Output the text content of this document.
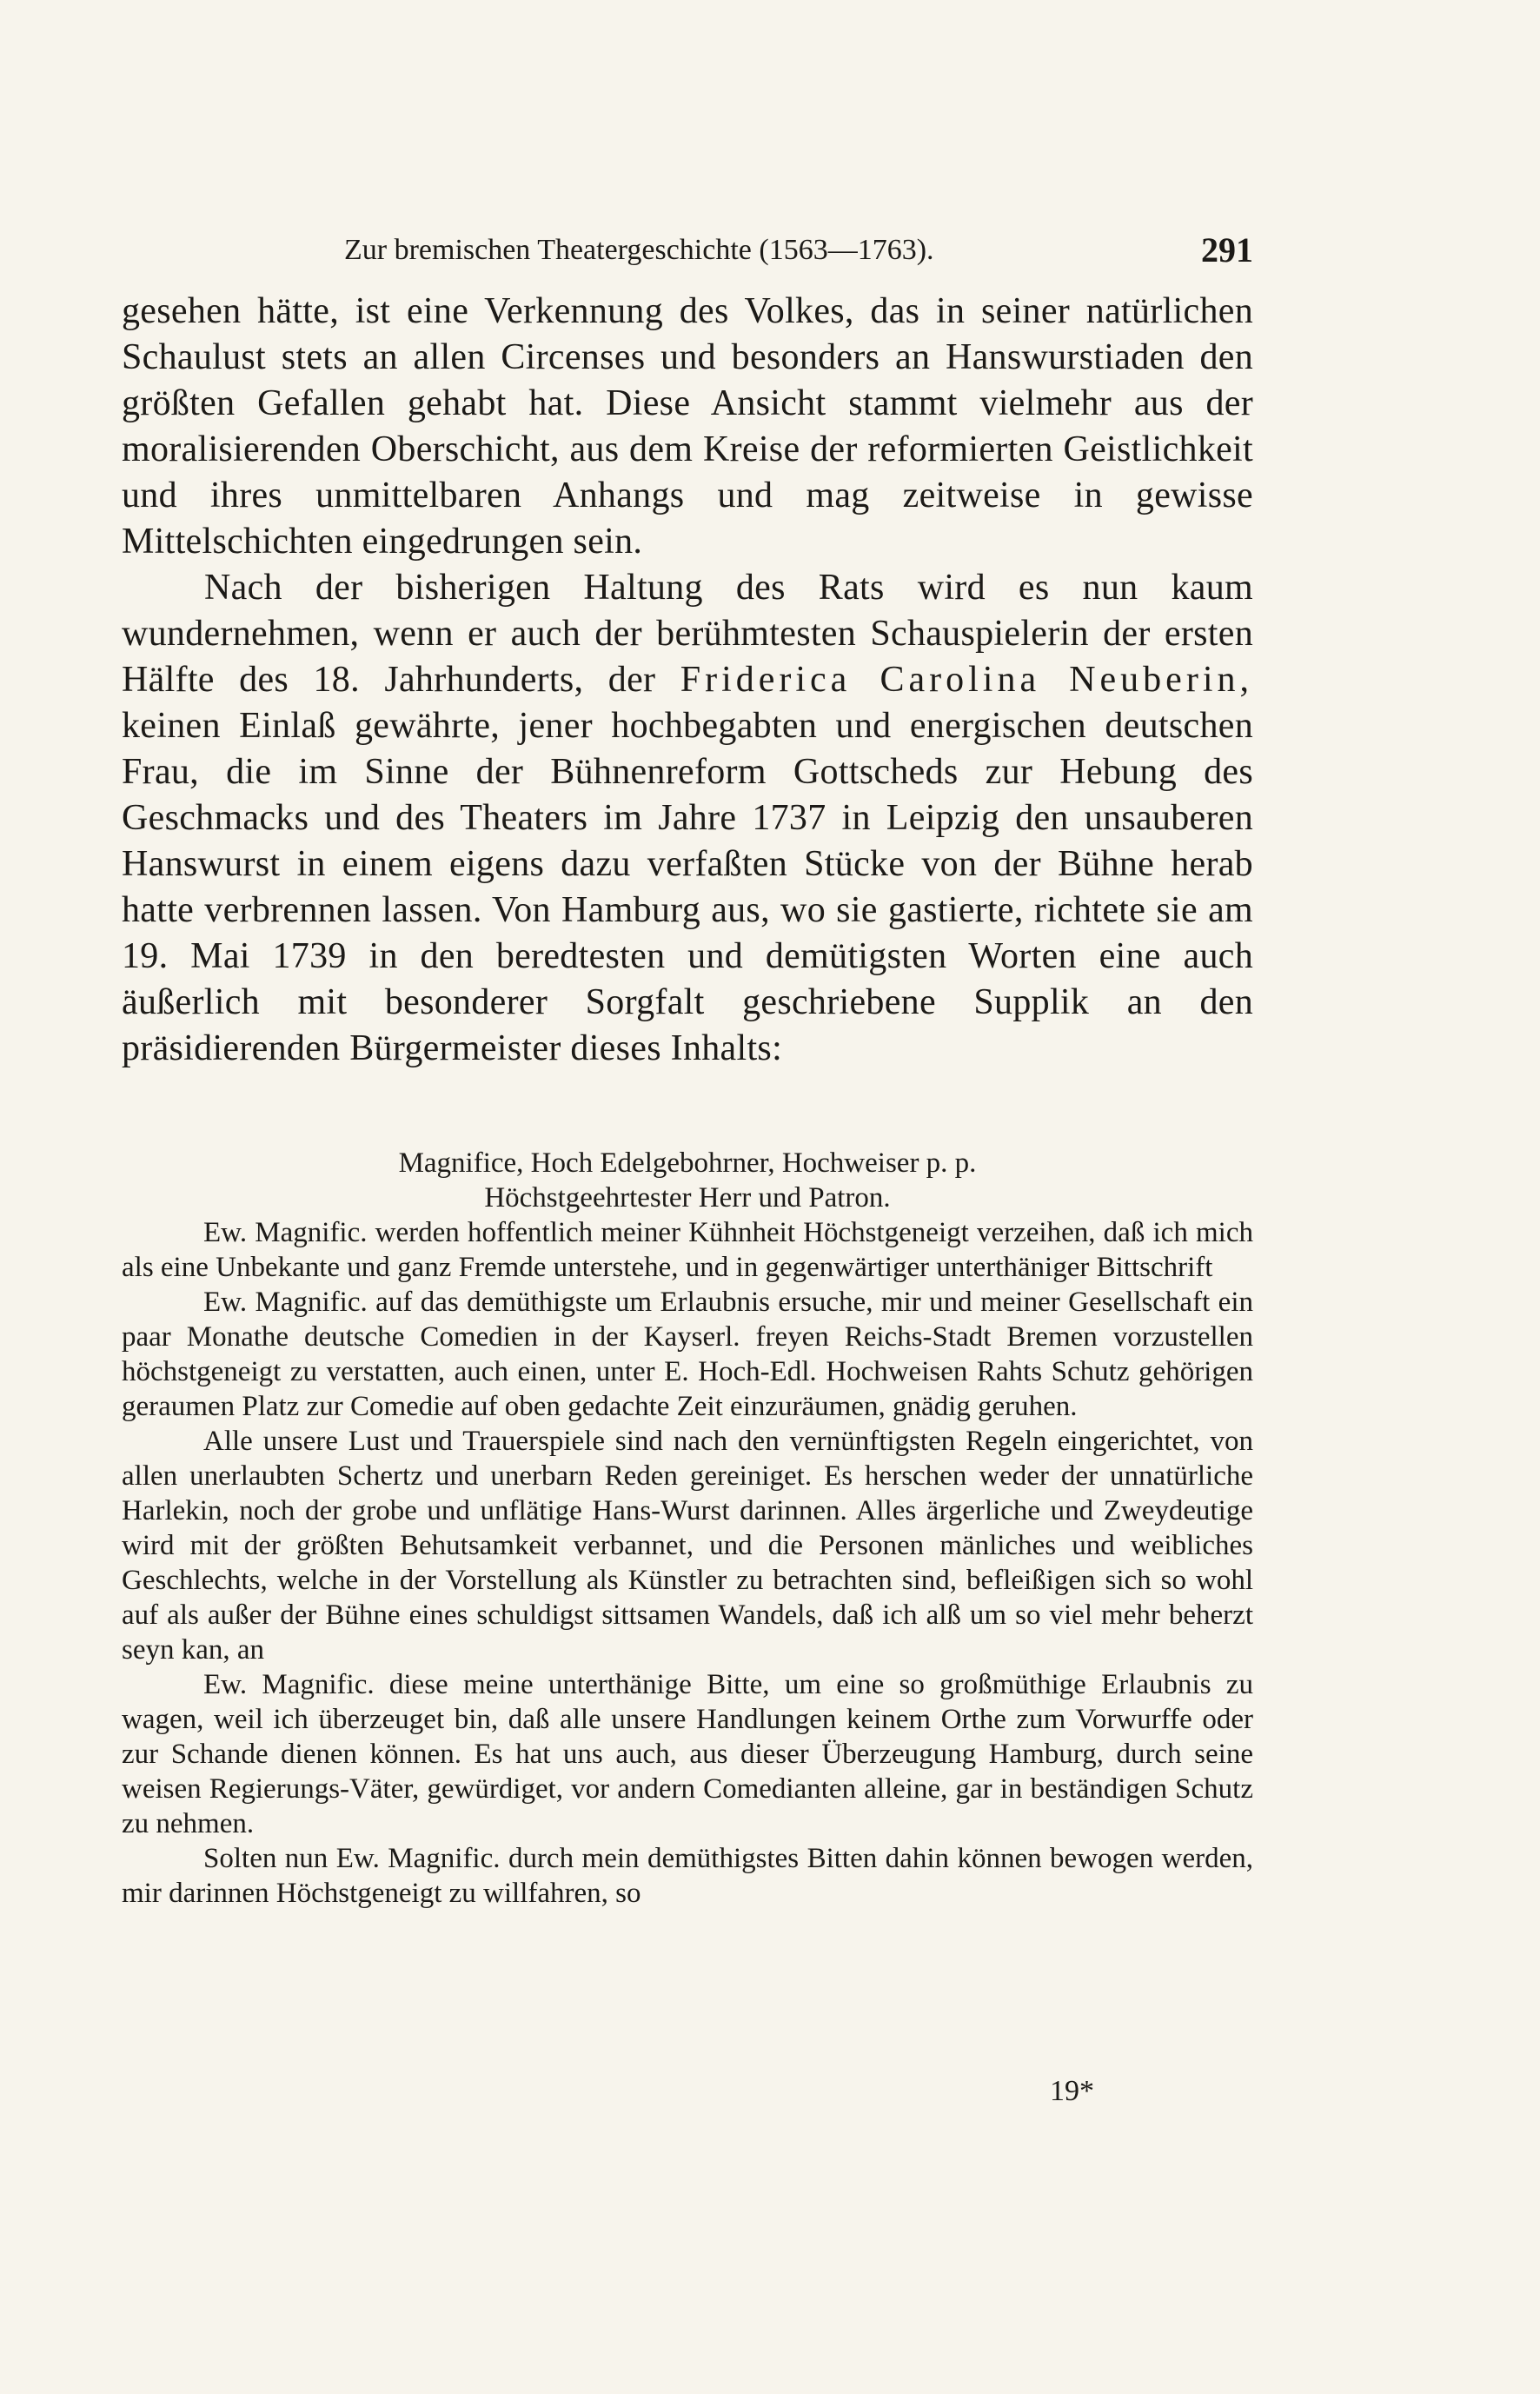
Zur bremischen Theatergeschichte (1563—1763).	291

gesehen hätte, ist eine Verkennung des Volkes, das in seiner natürlichen Schaulust stets an allen Circenses und besonders an Hanswurstiaden den größten Gefallen gehabt hat. Diese Ansicht stammt vielmehr aus der moralisierenden Oberschicht, aus dem Kreise der reformierten Geistlichkeit und ihres unmittelbaren Anhangs und mag zeitweise in gewisse Mittelschichten eingedrungen sein.

Nach der bisherigen Haltung des Rats wird es nun kaum wundernehmen, wenn er auch der berühmtesten Schauspielerin der ersten Hälfte des 18. Jahrhunderts, der Friderica Carolina Neuberin, keinen Einlaß gewährte, jener hochbegabten und energischen deutschen Frau, die im Sinne der Bühnenreform Gottscheds zur Hebung des Geschmacks und des Theaters im Jahre 1737 in Leipzig den unsauberen Hanswurst in einem eigens dazu verfaßten Stücke von der Bühne herab hatte verbrennen lassen. Von Hamburg aus, wo sie gastierte, richtete sie am 19. Mai 1739 in den beredtesten und demütigsten Worten eine auch äußerlich mit besonderer Sorgfalt geschriebene Supplik an den präsidierenden Bürgermeister dieses Inhalts:

Magnifice, Hoch Edelgebohrner, Hochweiser p. p.

Höchstgeehrtester Herr und Patron.

Ew. Magnific. werden hoffentlich meiner Kühnheit Höchstgeneigt verzeihen, daß ich mich als eine Unbekante und ganz Fremde unterstehe, und in gegenwärtiger unterthäniger Bittschrift

Ew. Magnific. auf das demüthigste um Erlaubnis ersuche, mir und meiner Gesellschaft ein paar Monathe deutsche Comedien in der Kayserl. freyen Reichs-Stadt Bremen vorzustellen höchstgeneigt zu verstatten, auch einen, unter E. Hoch-Edl. Hochweisen Rahts Schutz gehörigen geraumen Platz zur Comedie auf oben gedachte Zeit einzuräumen, gnädig geruhen.

Alle unsere Lust und Trauerspiele sind nach den vernünftigsten Regeln eingerichtet, von allen unerlaubten Schertz und unerbarn Reden gereiniget. Es herschen weder der unnatürliche Harlekin, noch der grobe und unflätige Hans-Wurst darinnen. Alles ärgerliche und Zweydeutige wird mit der größten Behutsamkeit verbannet, und die Personen mänliches und weibliches Geschlechts, welche in der Vorstellung als Künstler zu betrachten sind, befleißigen sich so wohl auf als außer der Bühne eines schuldigst sittsamen Wandels, daß ich alß um so viel mehr beherzt seyn kan, an

Ew. Magnific. diese meine unterthänige Bitte, um eine so großmüthige Erlaubnis zu wagen, weil ich überzeuget bin, daß alle unsere Handlungen keinem Orthe zum Vorwurffe oder zur Schande dienen können. Es hat uns auch, aus dieser Überzeugung Hamburg, durch seine weisen Regierungs-Väter, gewürdiget, vor andern Comedianten alleine, gar in beständigen Schutz zu nehmen.

Solten nun Ew. Magnific. durch mein demüthigstes Bitten dahin können bewogen werden, mir darinnen Höchstgeneigt zu willfahren, so

19*
